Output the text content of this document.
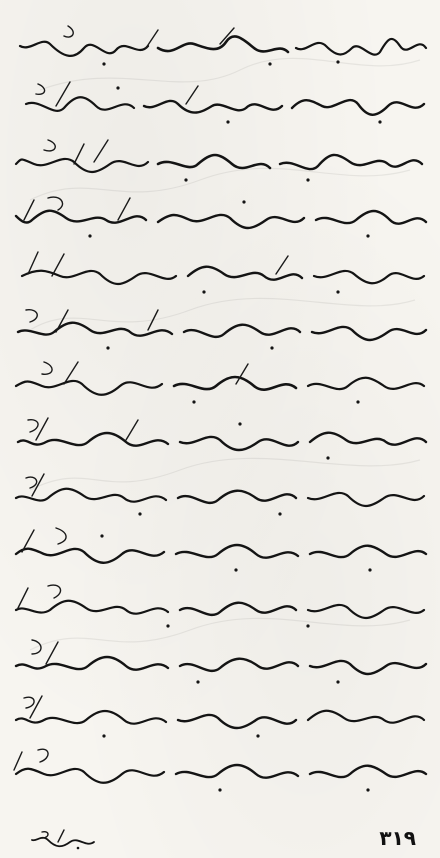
۳۱۹
